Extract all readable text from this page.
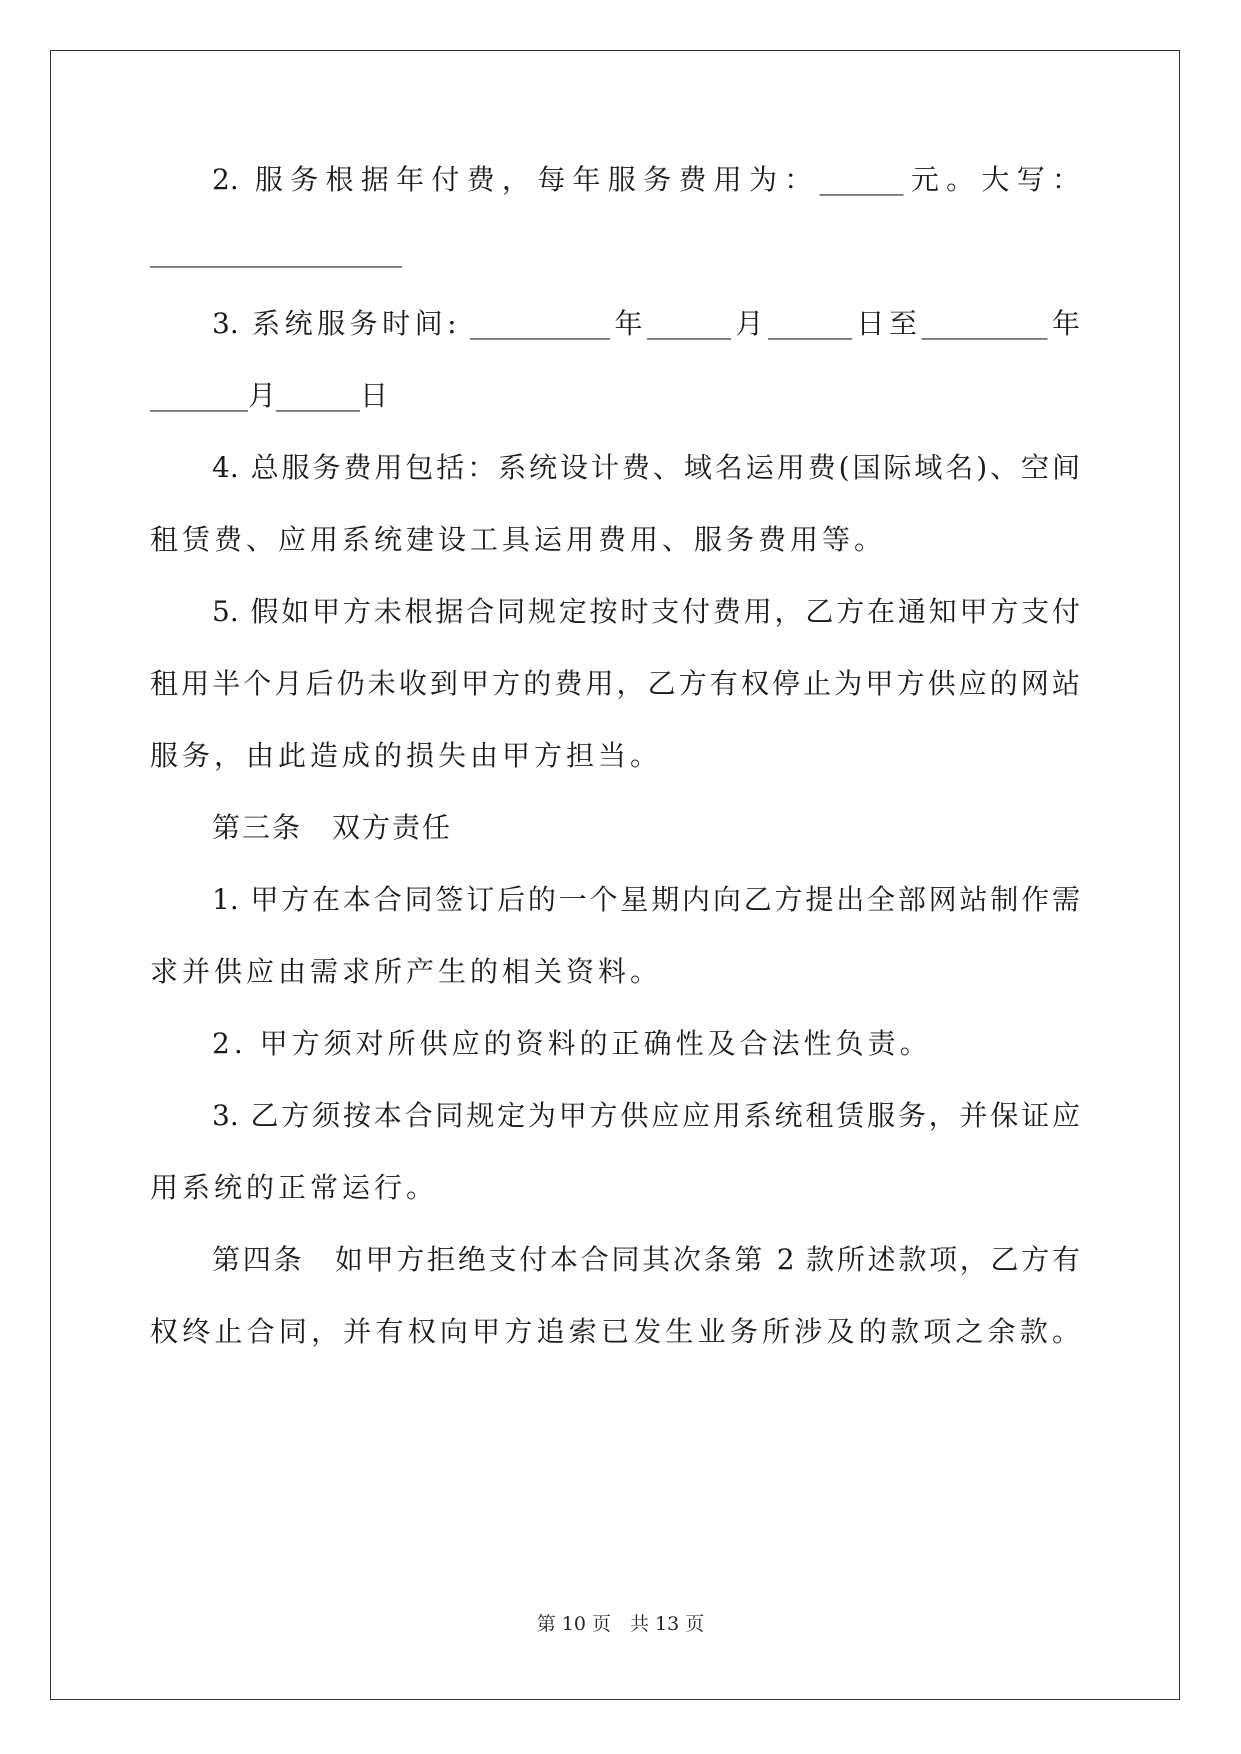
2. 服务根据年付费，每年服务费用为：______元。大写：
__________________
3. 系统服务时间: __________年______月______日至_________年
_______月______日
4. 总服务费用包括：系统设计费、域名运用费(国际域名)、空间
租赁费、应用系统建设工具运用费用、服务费用等。
5. 假如甲方未根据合同规定按时支付费用，乙方在通知甲方支付
租用半个月后仍未收到甲方的费用，乙方有权停止为甲方供应的网站
服务，由此造成的损失由甲方担当。
第三条　双方责任
1. 甲方在本合同签订后的一个星期内向乙方提出全部网站制作需
求并供应由需求所产生的相关资料。
2. 甲方须对所供应的资料的正确性及合法性负责。
3. 乙方须按本合同规定为甲方供应应用系统租赁服务，并保证应
用系统的正常运行。
第四条　如甲方拒绝支付本合同其次条第 2 款所述款项，乙方有
权终止合同，并有权向甲方追索已发生业务所涉及的款项之余款。
第 10 页　共 13 页
